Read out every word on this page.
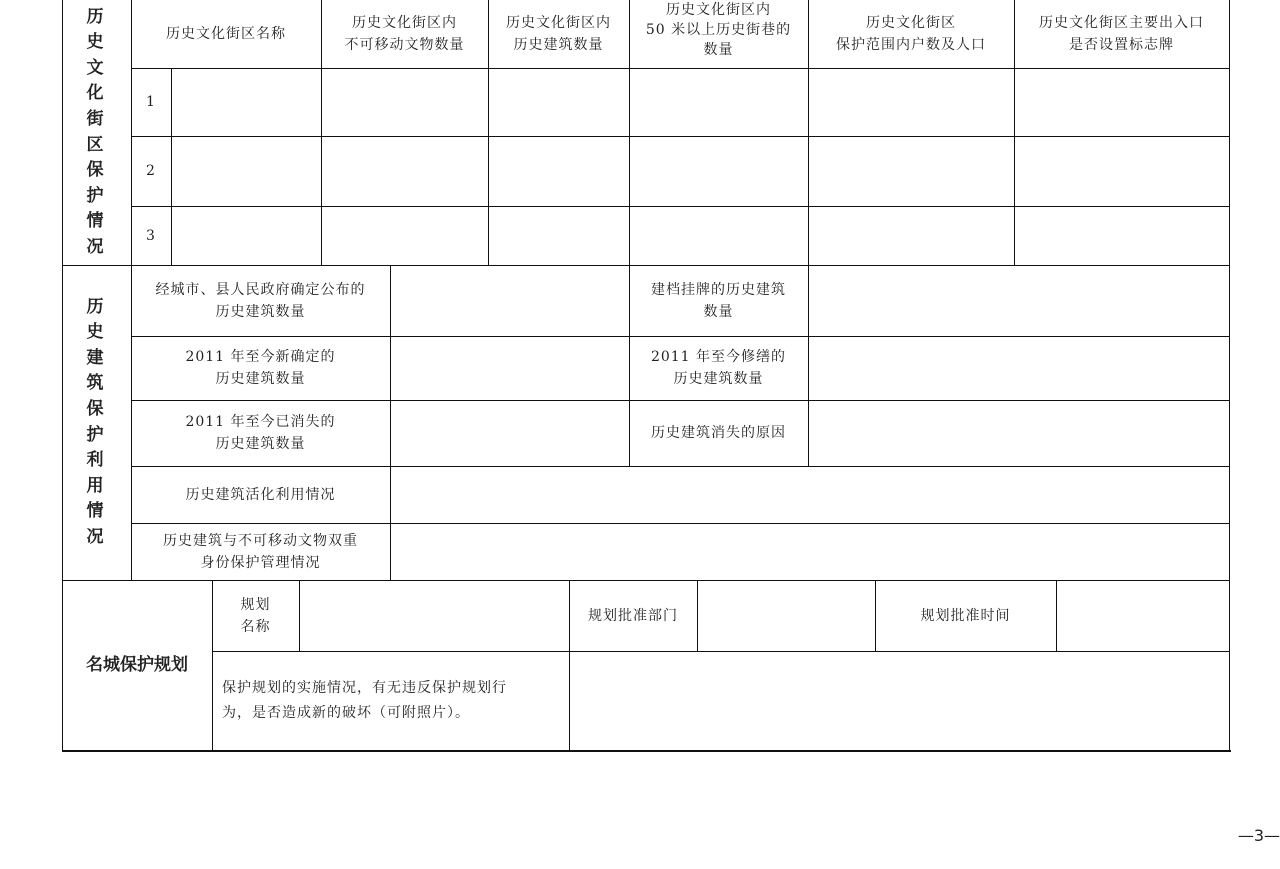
历史文化街区保护情况
历史文化街区名称
历史文化街区内
不可移动文物数量
历史文化街区内
历史建筑数量
历史文化街区内
50 米以上历史街巷的
数量
历史文化街区
保护范围内户数及人口
历史文化街区主要出入口
是否设置标志牌
1
2
3
历史建筑保护利用情况
经城市、县人民政府确定公布的
历史建筑数量
建档挂牌的历史建筑
数量
2011 年至今新确定的
历史建筑数量
2011 年至今修缮的
历史建筑数量
2011 年至今已消失的
历史建筑数量
历史建筑消失的原因
历史建筑活化利用情况
历史建筑与不可移动文物双重
身份保护管理情况
名城保护规划
规划
名称
规划批准部门	规划批准时间
保护规划的实施情况，有无违反保护规划行
为，是否造成新的破坏（可附照片）。
—3—
